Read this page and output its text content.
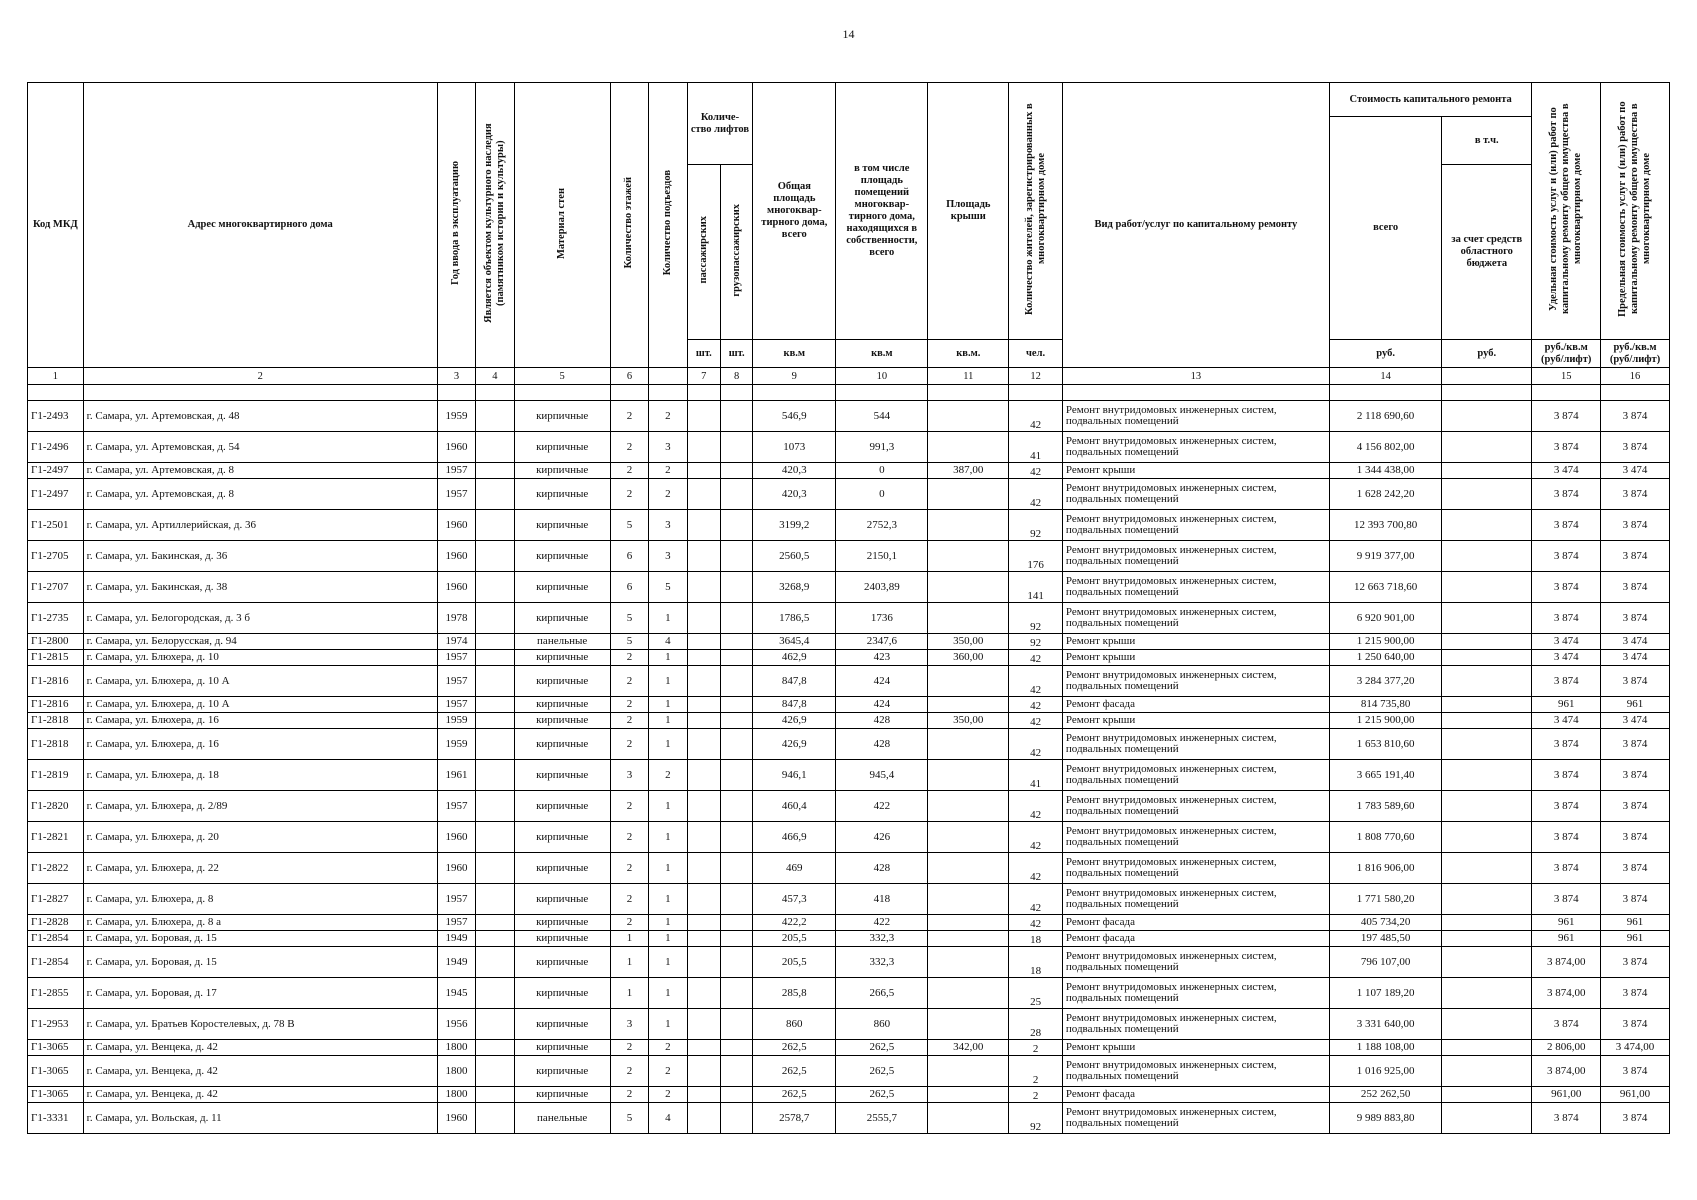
14
Код МКД	Адрес многоквартирного дома	Год ввода в эксплуатацию	Является объектом культурного наследия (памятником истории и культуры)	Материал стен	Количество этажей	Количество подъездов	Количе- ство лифтов		Общая площадь многоквар- тирного дома, всего	в том числе площадь помещений многоквар- тирного дома, находящихся в собственности, всего	Площадь крыши	Количество жителей, зарегистрированных в многоквартирном доме	Вид работ/услуг по капитальному ремонту	Стоимость капитального ремонта		Удельная стоимость услуг и (или) работ по капитальному ремонту общего имущества в многоквартирном доме	Предельная стоимость услуг и (или) работ по капитальному ремонту общего имущества в многоквартирном доме
														всего	в т.ч.		
							пассажирских	грузопассажирских							за счет средств областного бюджета		
							шт.	шт.	кв.м	кв.м	кв.м.	чел.		руб.	руб.	руб./кв.м (руб/лифт)	руб./кв.м (руб/лифт)
1	2	3	4	5	6		7	8	9	10	11	12	13	14		15	16

Г1-2493	г. Самара, ул. Артемовская, д. 48	1959		кирпичные	2	2			546,9	544		42	Ремонт внутридомовых инженерных систем, подвальных помещений	2 118 690,60		3 874	3 874
Г1-2496	г. Самара, ул. Артемовская, д. 54	1960		кирпичные	2	3			1073	991,3		41	Ремонт внутридомовых инженерных систем, подвальных помещений	4 156 802,00		3 874	3 874
Г1-2497	г. Самара, ул. Артемовская, д. 8	1957		кирпичные	2	2			420,3	0	387,00	42	Ремонт крыши	1 344 438,00		3 474	3 474
Г1-2497	г. Самара, ул. Артемовская, д. 8	1957		кирпичные	2	2			420,3	0		42	Ремонт внутридомовых инженерных систем, подвальных помещений	1 628 242,20		3 874	3 874
Г1-2501	г. Самара, ул. Артиллерийская, д. 36	1960		кирпичные	5	3			3199,2	2752,3		92	Ремонт внутридомовых инженерных систем, подвальных помещений	12 393 700,80		3 874	3 874
Г1-2705	г. Самара, ул. Бакинская, д. 36	1960		кирпичные	6	3			2560,5	2150,1		176	Ремонт внутридомовых инженерных систем, подвальных помещений	9 919 377,00		3 874	3 874
Г1-2707	г. Самара, ул. Бакинская, д. 38	1960		кирпичные	6	5			3268,9	2403,89		141	Ремонт внутридомовых инженерных систем, подвальных помещений	12 663 718,60		3 874	3 874
Г1-2735	г. Самара, ул. Белогородская, д. 3 б	1978		кирпичные	5	1			1786,5	1736		92	Ремонт внутридомовых инженерных систем, подвальных помещений	6 920 901,00		3 874	3 874
Г1-2800	г. Самара, ул. Белорусская, д. 94	1974		панельные	5	4			3645,4	2347,6	350,00	92	Ремонт крыши	1 215 900,00		3 474	3 474
Г1-2815	г. Самара, ул. Блюхера, д. 10	1957		кирпичные	2	1			462,9	423	360,00	42	Ремонт крыши	1 250 640,00		3 474	3 474
Г1-2816	г. Самара, ул. Блюхера, д. 10 А	1957		кирпичные	2	1			847,8	424		42	Ремонт внутридомовых инженерных систем, подвальных помещений	3 284 377,20		3 874	3 874
Г1-2816	г. Самара, ул. Блюхера, д. 10 А	1957		кирпичные	2	1			847,8	424		42	Ремонт фасада	814 735,80		961	961
Г1-2818	г. Самара, ул. Блюхера, д. 16	1959		кирпичные	2	1			426,9	428	350,00	42	Ремонт крыши	1 215 900,00		3 474	3 474
Г1-2818	г. Самара, ул. Блюхера, д. 16	1959		кирпичные	2	1			426,9	428		42	Ремонт внутридомовых инженерных систем, подвальных помещений	1 653 810,60		3 874	3 874
Г1-2819	г. Самара, ул. Блюхера, д. 18	1961		кирпичные	3	2			946,1	945,4		41	Ремонт внутридомовых инженерных систем, подвальных помещений	3 665 191,40		3 874	3 874
Г1-2820	г. Самара, ул. Блюхера, д. 2/89	1957		кирпичные	2	1			460,4	422		42	Ремонт внутридомовых инженерных систем, подвальных помещений	1 783 589,60		3 874	3 874
Г1-2821	г. Самара, ул. Блюхера, д. 20	1960		кирпичные	2	1			466,9	426		42	Ремонт внутридомовых инженерных систем, подвальных помещений	1 808 770,60		3 874	3 874
Г1-2822	г. Самара, ул. Блюхера, д. 22	1960		кирпичные	2	1			469	428		42	Ремонт внутридомовых инженерных систем, подвальных помещений	1 816 906,00		3 874	3 874
Г1-2827	г. Самара, ул. Блюхера, д. 8	1957		кирпичные	2	1			457,3	418		42	Ремонт внутридомовых инженерных систем, подвальных помещений	1 771 580,20		3 874	3 874
Г1-2828	г. Самара, ул. Блюхера, д. 8 а	1957		кирпичные	2	1			422,2	422		42	Ремонт фасада	405 734,20		961	961
Г1-2854	г. Самара, ул. Боровая, д. 15	1949		кирпичные	1	1			205,5	332,3		18	Ремонт фасада	197 485,50		961	961
Г1-2854	г. Самара, ул. Боровая, д. 15	1949		кирпичные	1	1			205,5	332,3		18	Ремонт внутридомовых инженерных систем, подвальных помещений	796 107,00		3 874,00	3 874
Г1-2855	г. Самара, ул. Боровая, д. 17	1945		кирпичные	1	1			285,8	266,5		25	Ремонт внутридомовых инженерных систем, подвальных помещений	1 107 189,20		3 874,00	3 874
Г1-2953	г. Самара, ул. Братьев Коростелевых, д. 78 В	1956		кирпичные	3	1			860	860		28	Ремонт внутридомовых инженерных систем, подвальных помещений	3 331 640,00		3 874	3 874
Г1-3065	г. Самара, ул. Венцека, д. 42	1800		кирпичные	2	2			262,5	262,5	342,00	2	Ремонт крыши	1 188 108,00		2 806,00	3 474,00
Г1-3065	г. Самара, ул. Венцека, д. 42	1800		кирпичные	2	2			262,5	262,5		2	Ремонт внутридомовых инженерных систем, подвальных помещений	1 016 925,00		3 874,00	3 874
Г1-3065	г. Самара, ул. Венцека, д. 42	1800		кирпичные	2	2			262,5	262,5		2	Ремонт фасада	252 262,50		961,00	961,00
Г1-3331	г. Самара, ул. Вольская, д. 11	1960		панельные	5	4			2578,7	2555,7		92	Ремонт внутридомовых инженерных систем, подвальных помещений	9 989 883,80		3 874	3 874
